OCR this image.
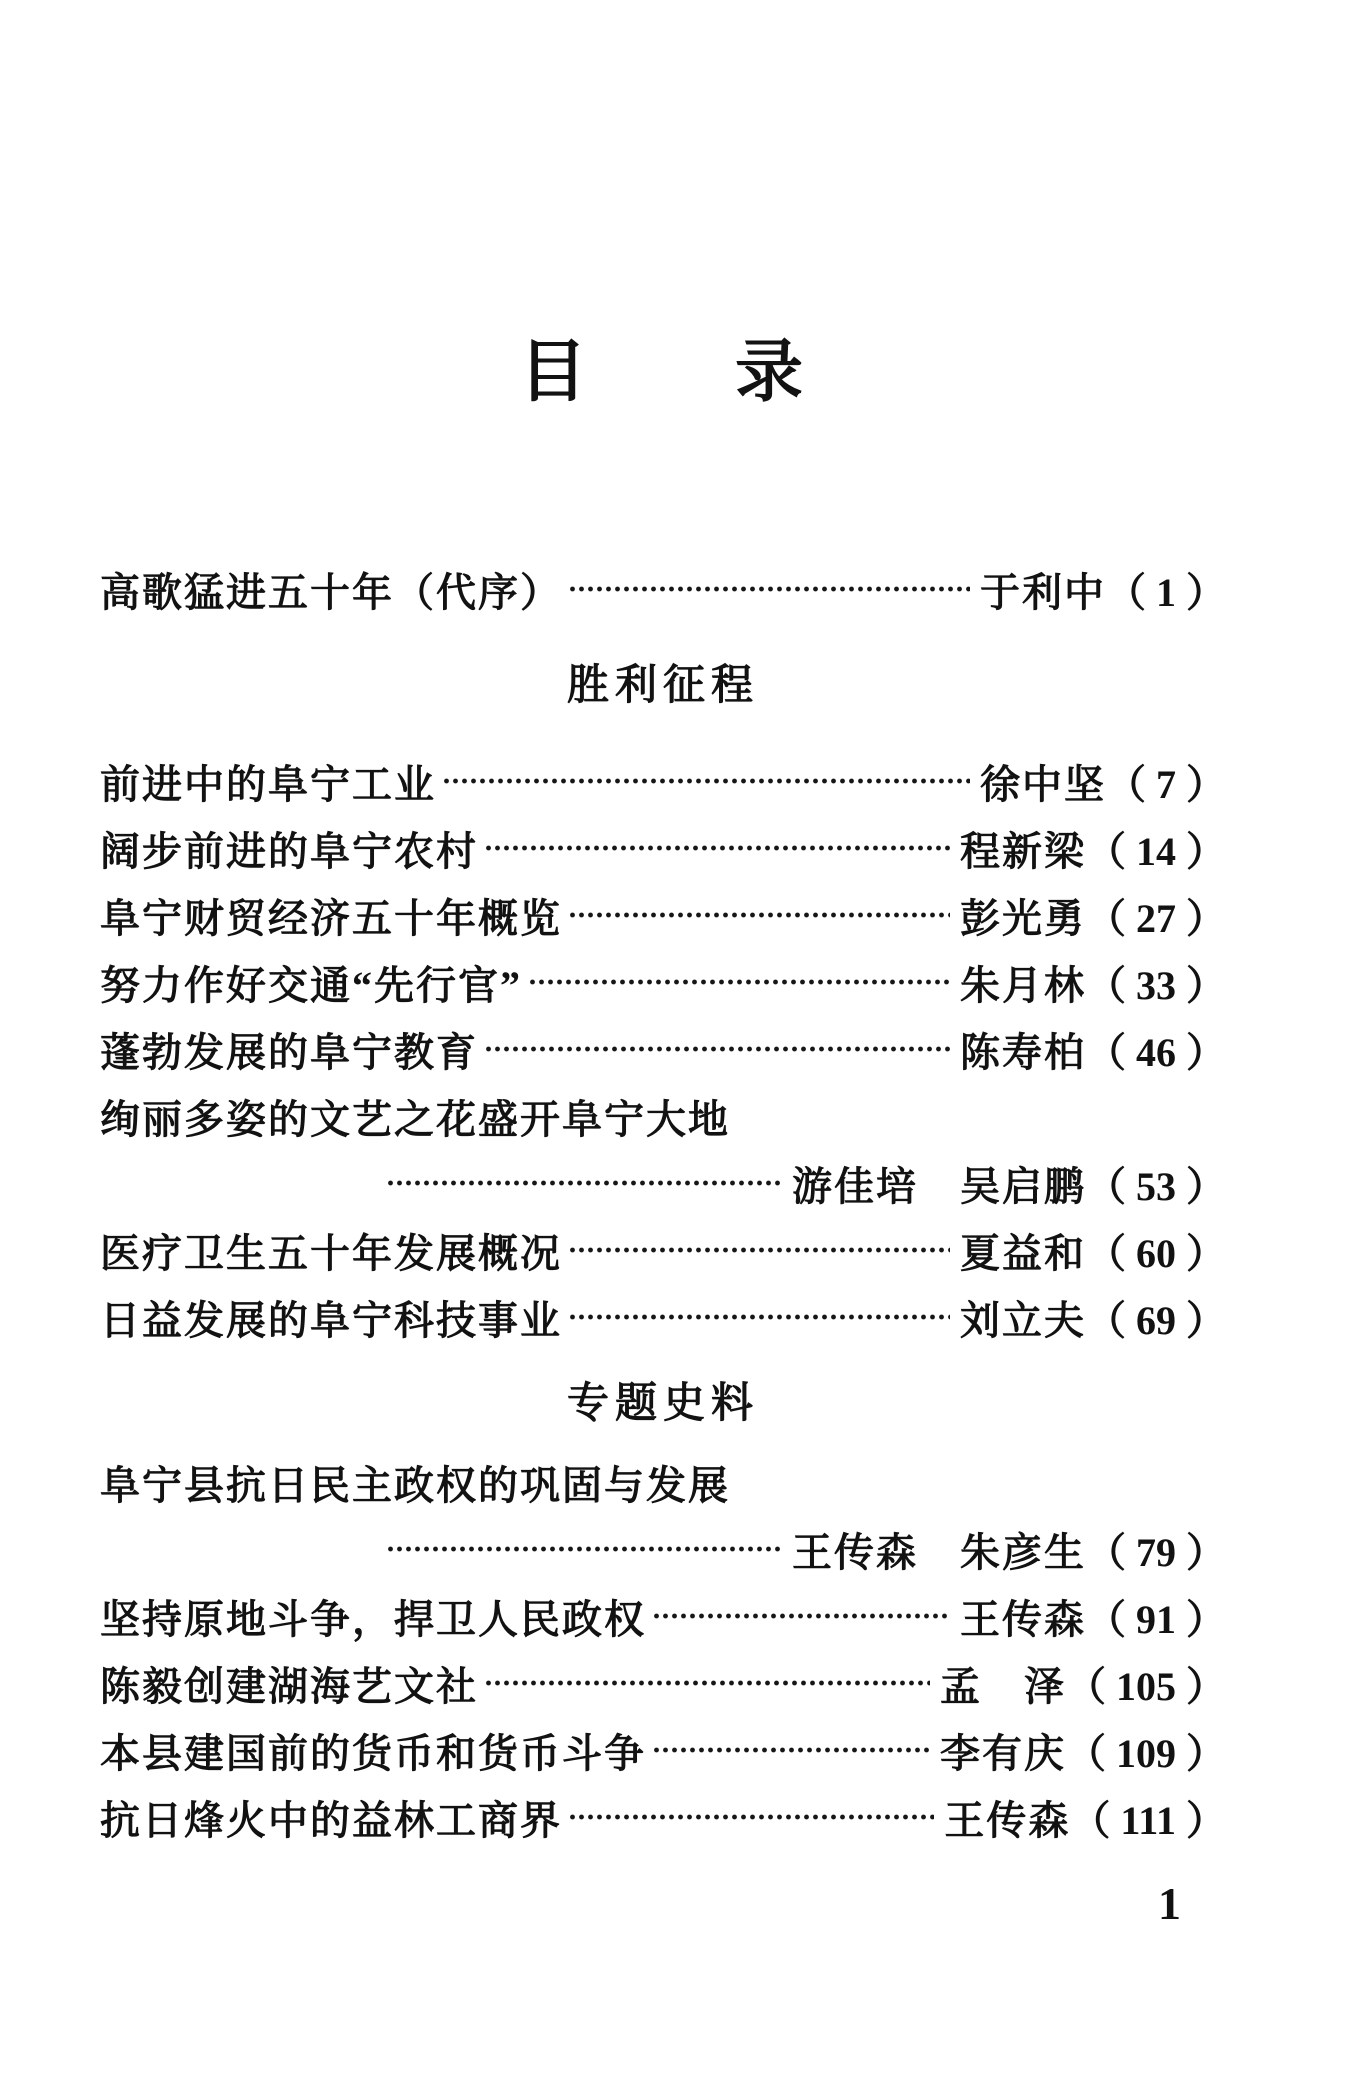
目　　录
高歌猛进五十年（代序）	于利中 （ 1 ）
胜利征程
前进中的阜宁工业	徐中坚 （ 7 ）
阔步前进的阜宁农村	程新梁 （ 14 ）
阜宁财贸经济五十年概览	彭光勇 （ 27 ）
努力作好交通“先行官”	朱月林 （ 33 ）
蓬勃发展的阜宁教育	陈寿柏 （ 46 ）
绚丽多姿的文艺之花盛开阜宁大地
游佳培　吴启鹏 （ 53 ）
医疗卫生五十年发展概况	夏益和 （ 60 ）
日益发展的阜宁科技事业	刘立夫 （ 69 ）
专题史料
阜宁县抗日民主政权的巩固与发展
王传森　朱彦生 （ 79 ）
坚持原地斗争，捍卫人民政权	王传森 （ 91 ）
陈毅创建湖海艺文社	孟　泽 （ 105 ）
本县建国前的货币和货币斗争	李有庆 （ 109 ）
抗日烽火中的益林工商界	王传森 （ 111 ）
1
